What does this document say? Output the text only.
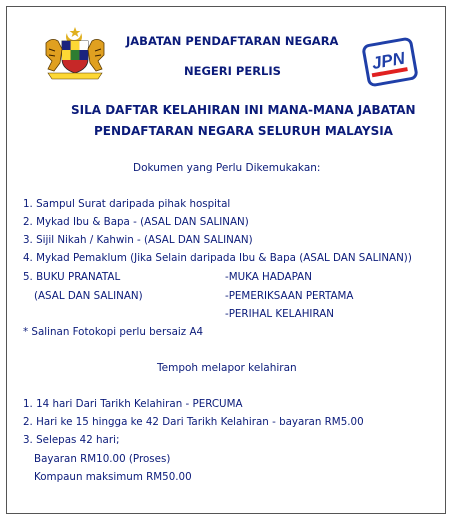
JPN
JABATAN PENDAFTARAN NEGARA
NEGERI PERLIS
SILA DAFTAR KELAHIRAN INI MANA-MANA JABATAN
PENDAFTARAN NEGARA SELURUH MALAYSIA
Dokumen yang Perlu Dikemukakan:
1. Sampul Surat daripada pihak hospital
2. Mykad Ibu & Bapa - (ASAL DAN SALINAN)
3. Sijil Nikah / Kahwin - (ASAL DAN SALINAN)
4. Mykad Pemaklum (Jika Selain daripada Ibu & Bapa (ASAL DAN SALINAN))
5. BUKU PRANATAL
(ASAL DAN SALINAN)
-MUKA HADAPAN
-PEMERIKSAAN PERTAMA
-PERIHAL KELAHIRAN
* Salinan Fotokopi perlu bersaiz A4
Tempoh melapor kelahiran
1. 14 hari Dari Tarikh Kelahiran - PERCUMA
2. Hari ke 15 hingga ke 42 Dari Tarikh Kelahiran - bayaran RM5.00
3. Selepas 42 hari;
Bayaran RM10.00 (Proses)
Kompaun maksimum RM50.00
